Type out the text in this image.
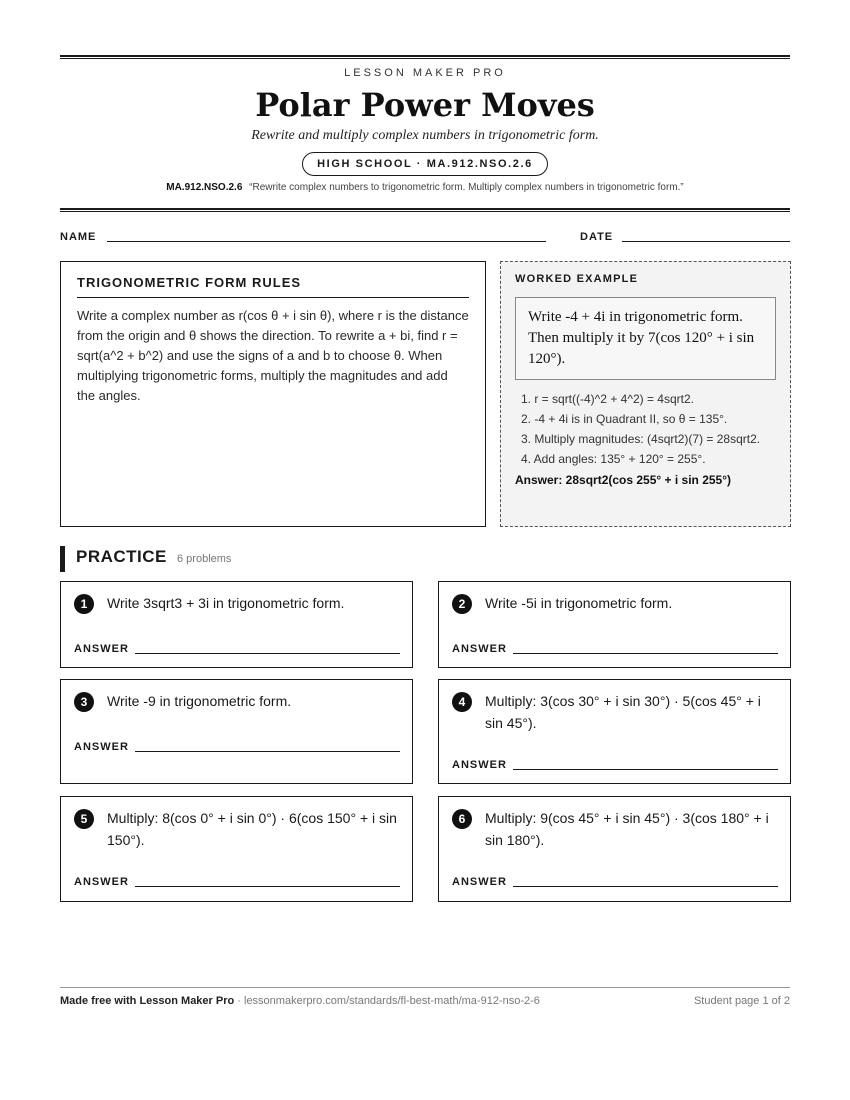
LESSON MAKER PRO
Polar Power Moves
Rewrite and multiply complex numbers in trigonometric form.
HIGH SCHOOL · MA.912.NSO.2.6
MA.912.NSO.2.6 “Rewrite complex numbers to trigonometric form. Multiply complex numbers in trigonometric form.”
NAME	DATE
TRIGONOMETRIC FORM RULES
Write a complex number as r(cos θ + i sin θ), where r is the distance from the origin and θ shows the direction. To rewrite a + bi, find r = sqrt(a^2 + b^2) and use the signs of a and b to choose θ. When multiplying trigonometric forms, multiply the magnitudes and add the angles.
WORKED EXAMPLE
Write -4 + 4i in trigonometric form. Then multiply it by 7(cos 120° + i sin 120°).
1. r = sqrt((-4)^2 + 4^2) = 4sqrt2.
2. -4 + 4i is in Quadrant II, so θ = 135°.
3. Multiply magnitudes: (4sqrt2)(7) = 28sqrt2.
4. Add angles: 135° + 120° = 255°.
Answer: 28sqrt2(cos 255° + i sin 255°)
PRACTICE 6 problems
1	Write 3sqrt3 + 3i in trigonometric form.
ANSWER
2	Write -5i in trigonometric form.
ANSWER
3	Write -9 in trigonometric form.
ANSWER
4	Multiply: 3(cos 30° + i sin 30°) · 5(cos 45° + i sin 45°).
ANSWER
5	Multiply: 8(cos 0° + i sin 0°) · 6(cos 150° + i sin 150°).
ANSWER
6	Multiply: 9(cos 45° + i sin 45°) · 3(cos 180° + i sin 180°).
ANSWER
Made free with Lesson Maker Pro · lessonmakerpro.com/standards/fl-best-math/ma-912-nso-2-6	Student page 1 of 2
